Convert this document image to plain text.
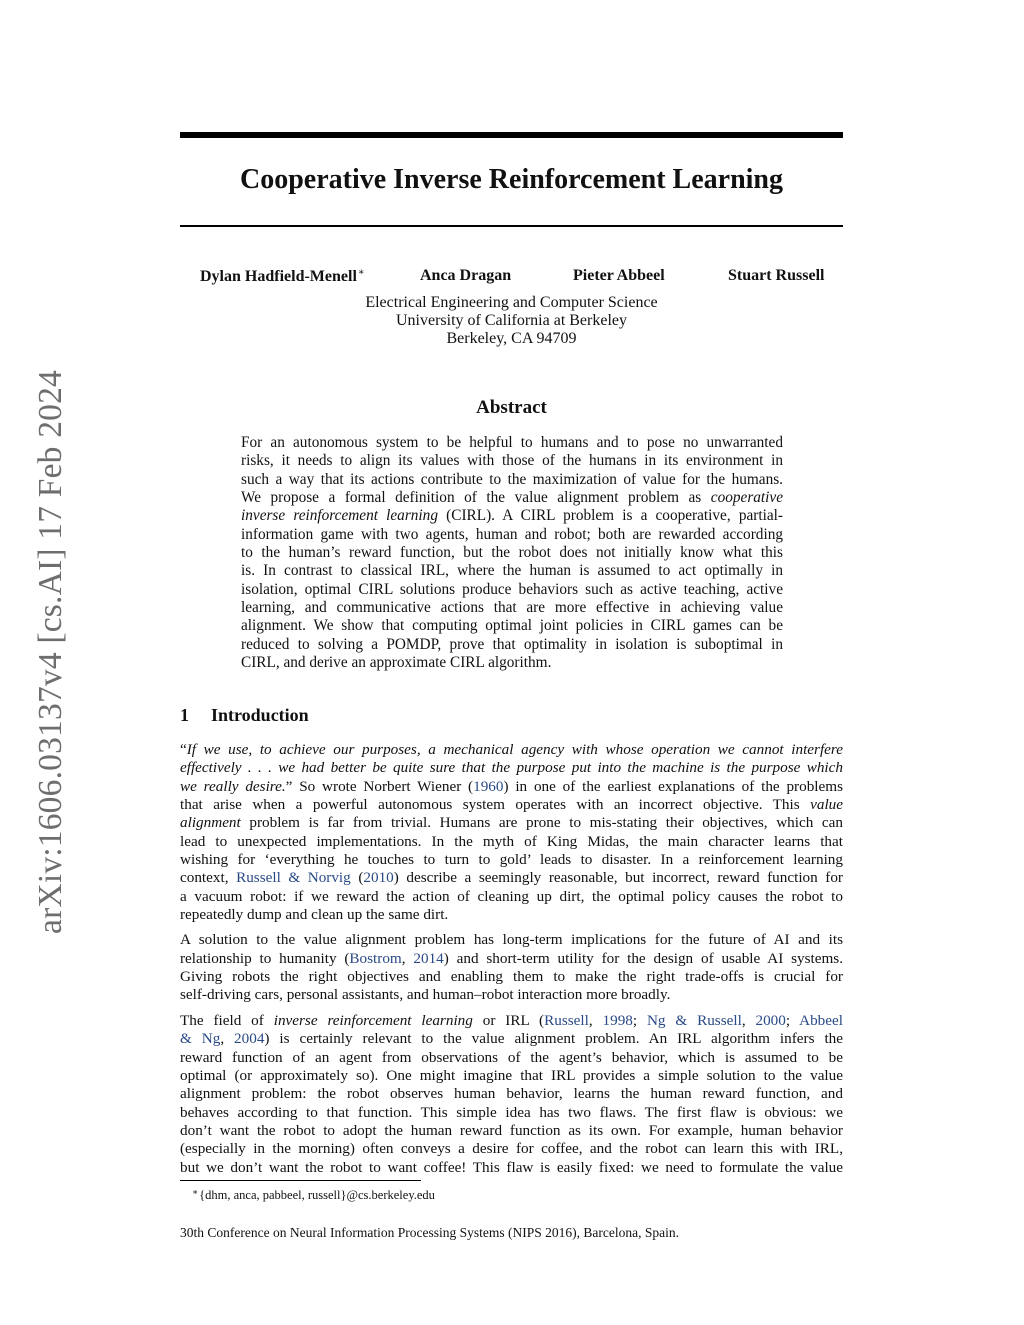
arXiv:1606.03137v4 [cs.AI] 17 Feb 2024
Cooperative Inverse Reinforcement Learning
Dylan Hadfield-Menell∗	Anca Dragan	Pieter Abbeel	Stuart Russell
Electrical Engineering and Computer Science
University of California at Berkeley
Berkeley, CA 94709
Abstract
For an autonomous system to be helpful to humans and to pose no unwarranted
risks, it needs to align its values with those of the humans in its environment in
such a way that its actions contribute to the maximization of value for the humans.
We propose a formal definition of the value alignment problem as cooperative
inverse reinforcement learning (CIRL). A CIRL problem is a cooperative, partial-
information game with two agents, human and robot; both are rewarded according
to the human’s reward function, but the robot does not initially know what this
is. In contrast to classical IRL, where the human is assumed to act optimally in
isolation, optimal CIRL solutions produce behaviors such as active teaching, active
learning, and communicative actions that are more effective in achieving value
alignment. We show that computing optimal joint policies in CIRL games can be
reduced to solving a POMDP, prove that optimality in isolation is suboptimal in
CIRL, and derive an approximate CIRL algorithm.
1 Introduction
“If we use, to achieve our purposes, a mechanical agency with whose operation we cannot interfere
effectively . . . we had better be quite sure that the purpose put into the machine is the purpose which
we really desire.” So wrote Norbert Wiener (1960) in one of the earliest explanations of the problems
that arise when a powerful autonomous system operates with an incorrect objective. This value
alignment problem is far from trivial. Humans are prone to mis-stating their objectives, which can
lead to unexpected implementations. In the myth of King Midas, the main character learns that
wishing for ‘everything he touches to turn to gold’ leads to disaster. In a reinforcement learning
context, Russell & Norvig (2010) describe a seemingly reasonable, but incorrect, reward function for
a vacuum robot: if we reward the action of cleaning up dirt, the optimal policy causes the robot to
repeatedly dump and clean up the same dirt.
A solution to the value alignment problem has long-term implications for the future of AI and its
relationship to humanity (Bostrom, 2014) and short-term utility for the design of usable AI systems.
Giving robots the right objectives and enabling them to make the right trade-offs is crucial for
self-driving cars, personal assistants, and human–robot interaction more broadly.
The field of inverse reinforcement learning or IRL (Russell, 1998; Ng & Russell, 2000; Abbeel
& Ng, 2004) is certainly relevant to the value alignment problem. An IRL algorithm infers the
reward function of an agent from observations of the agent’s behavior, which is assumed to be
optimal (or approximately so). One might imagine that IRL provides a simple solution to the value
alignment problem: the robot observes human behavior, learns the human reward function, and
behaves according to that function. This simple idea has two flaws. The first flaw is obvious: we
don’t want the robot to adopt the human reward function as its own. For example, human behavior
(especially in the morning) often conveys a desire for coffee, and the robot can learn this with IRL,
but we don’t want the robot to want coffee! This flaw is easily fixed: we need to formulate the value
∗{dhm, anca, pabbeel, russell}@cs.berkeley.edu
30th Conference on Neural Information Processing Systems (NIPS 2016), Barcelona, Spain.
